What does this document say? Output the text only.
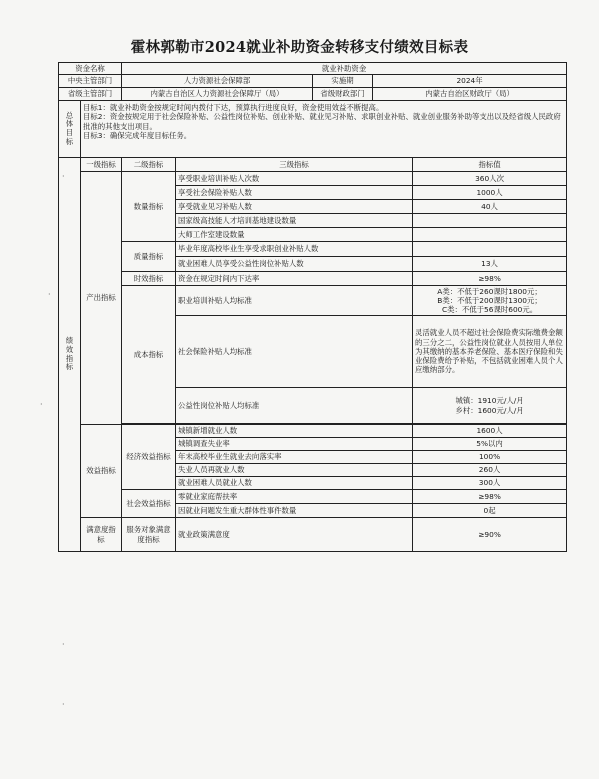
霍林郭勒市2024就业补助资金转移支付绩效目标表
资金名称		就业补助资金				
中央主管部门		人力资源社会保障部		实施期	2024年	
省级主管部门		内蒙古自治区人力资源社会保障厅（局）		省级财政部门	内蒙古自治区财政厅（局）	
总体目标	目标1：就业补助资金按规定时间内拨付下达，预算执行进度良好，资金使用效益不断提高。
目标2：资金按规定用于社会保险补贴、公益性岗位补贴、创业补贴、就业见习补贴、求职创业补贴、就业创业服务补助等支出以及经省级人民政府批准的其他支出项目。
目标3：确保完成年度目标任务。					

绩效指标	一级指标	二级指标	三级指标			指标值
	产出指标	数量指标	享受职业培训补贴人次数			360人次
			享受社会保险补贴人数			1000人
			享受就业见习补贴人数			40人
			国家级高技能人才培训基地建设数量			
			大师工作室建设数量			
		质量指标	毕业年度高校毕业生享受求职创业补贴人数			
			就业困难人员享受公益性岗位补贴人数			13人
		时效指标	资金在规定时间内下达率			≥98%
		成本指标	职业培训补贴人均标准			A类：不低于260课时1800元；
B类：不低于200课时1300元；
C类：不低于56课时600元。

			社会保险补贴人均标准			灵活就业人员不超过社会保险费实际缴费金额的三分之二，公益性岗位就业人员按用人单位为其缴纳的基本养老保险、基本医疗保险和失业保险费给予补贴，不包括就业困难人员个人应缴纳部分。
			公益性岗位补贴人均标准			城镇：1910元/人/月
乡村：1600元/人/月

	效益指标	经济效益指标	城镇新增就业人数			1600人
			城镇调查失业率			5%以内
			年末高校毕业生就业去向落实率			100%
			失业人员再就业人数			260人
			就业困难人员就业人数			300人
		社会效益指标	零就业家庭帮扶率			≥98%
			因就业问题发生重大群体性事件数量			0起
	满意度指标	服务对象满意度指标	就业政策满意度			≥90%
·
·
·
·
·
